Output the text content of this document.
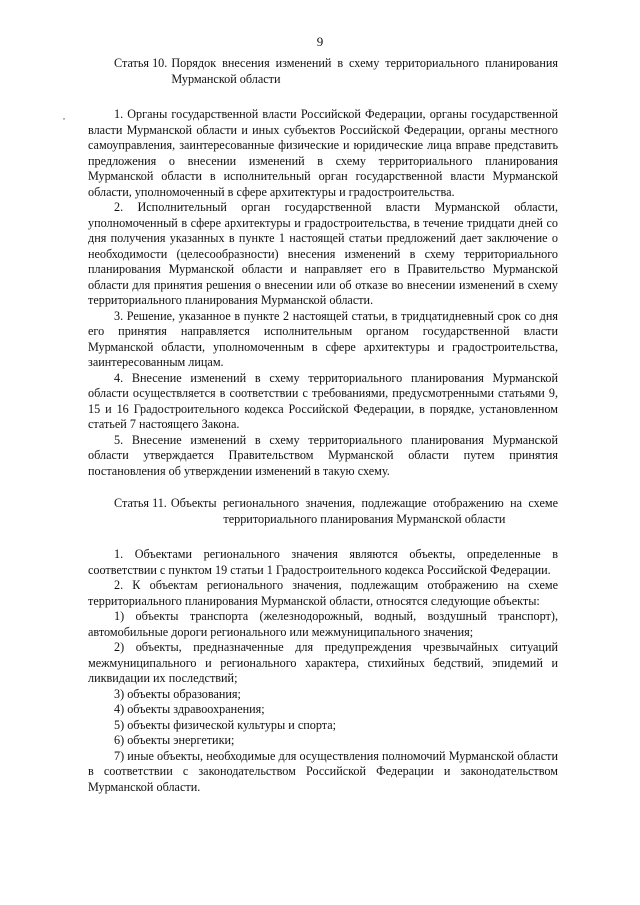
9
˙
Статья 10. Порядок внесения изменений в схему территориального планирования Мурманской области

1. Органы государственной власти Российской Федерации, органы государственной власти Мурманской области и иных субъектов Российской Федерации, органы местного самоуправления, заинтересованные физические и юридические лица вправе представить предложения о внесении изменений в схему территориального планирования Мурманской области в исполнительный орган государственной власти Мурманской области, уполномоченный в сфере архитектуры и градостроительства.

2. Исполнительный орган государственной власти Мурманской области, уполномоченный в сфере архитектуры и градостроительства, в течение тридцати дней со дня получения указанных в пункте 1 настоящей статьи предложений дает заключение о необходимости (целесообразности) внесения изменений в схему территориального планирования Мурманской области и направляет его в Правительство Мурманской области для принятия решения о внесении или об отказе во внесении изменений в схему территориального планирования Мурманской области.

3. Решение, указанное в пункте 2 настоящей статьи, в тридцатидневный срок со дня его принятия направляется исполнительным органом государственной власти Мурманской области, уполномоченным в сфере архитектуры и градостроительства, заинтересованным лицам.

4. Внесение изменений в схему территориального планирования Мурманской области осуществляется в соответствии с требованиями, предусмотренными статьями 9, 15 и 16 Градостроительного кодекса Российской Федерации, в порядке, установленном статьей 7 настоящего Закона.

5. Внесение изменений в схему территориального планирования Мурманской области утверждается Правительством Мурманской области путем принятия постановления об утверждении изменений в такую схему.

Статья 11. Объекты регионального значения, подлежащие отображению на схеме территориального планирования Мурманской области

1. Объектами регионального значения являются объекты, определенные в соответствии с пунктом 19 статьи 1 Градостроительного кодекса Российской Федерации.

2. К объектам регионального значения, подлежащим отображению на схеме территориального планирования Мурманской области, относятся следующие объекты:

1) объекты транспорта (железнодорожный, водный, воздушный транспорт), автомобильные дороги регионального или межмуниципального значения;

2) объекты, предназначенные для предупреждения чрезвычайных ситуаций межмуниципального и регионального характера, стихийных бедствий, эпидемий и ликвидации их последствий;

3) объекты образования;

4) объекты здравоохранения;

5) объекты физической культуры и спорта;

6) объекты энергетики;

7) иные объекты, необходимые для осуществления полномочий Мурманской области в соответствии с законодательством Российской Федерации и законодательством Мурманской области.
